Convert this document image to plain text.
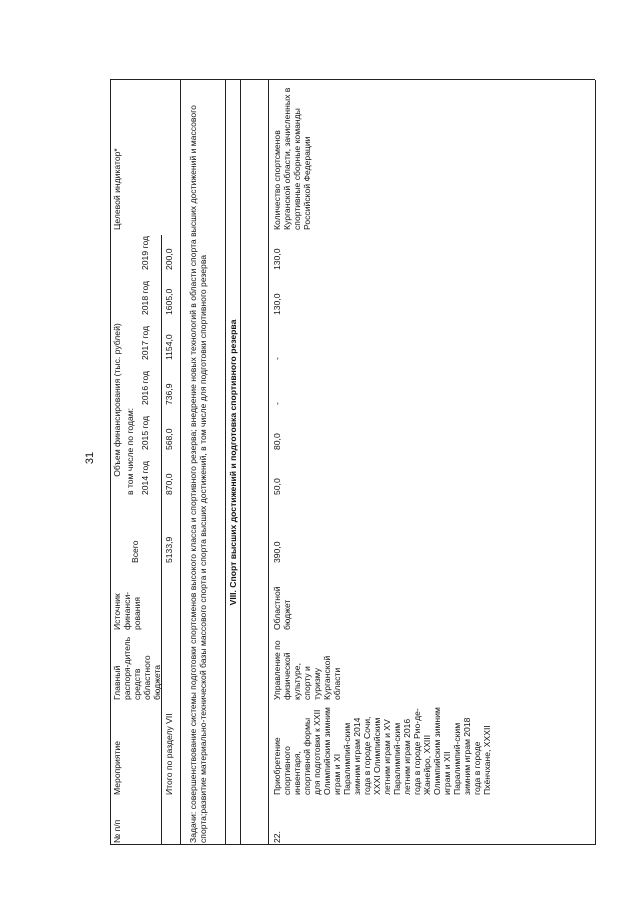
31
№ п/п
Мероприятие
Главный распоря-дитель средств областного бюджета
Источник финанси-рования
Объем финансирования (тыс. рублей)
Всего
в том числе по годам:
Целевой индикатор*
2014 год
2015 год
2016 год
2017 год
2018 год
2019 год
Итого по разделу VII
5133,9
870,0
568,0
736,9
1154,0
1605,0
200,0 Задачи: совершенствование системы подготовки спортсменов высокого класса и спортивного резерва; внедрение новых технологий в области спорта высших достижений и массового спорта;развитие материально-технической базы массового спорта и спорта высших достижений, в том числе для подготовки спортивного резерва VIII. Спорт высших достижений и подготовка спортивного резерва
22.
Приобретение спортивного инвентаря, спортивной формы для подготовки к XXII Олимпийским зимним играм и XI Паралимпий-ским зимним играм 2014 года в городе Сочи, XXXI Олимпийским летним играм и XV Паралимпий-ским летним играм 2016 года в городе Рио-де-Жанейро, XXIII Олимпийским зимним играм и XII Паралимпий-ским зимним играм 2018 года в городе Пхёнчхане, XXXII
Управление по физической культуре, спорту и туризму Курганской области
Областной бюджет
390,0
50,0
80,0
-
-
130,0
130,0
Количество спортсменов Курганской области, зачисленных в спортивные сборные команды Российской Федерации
